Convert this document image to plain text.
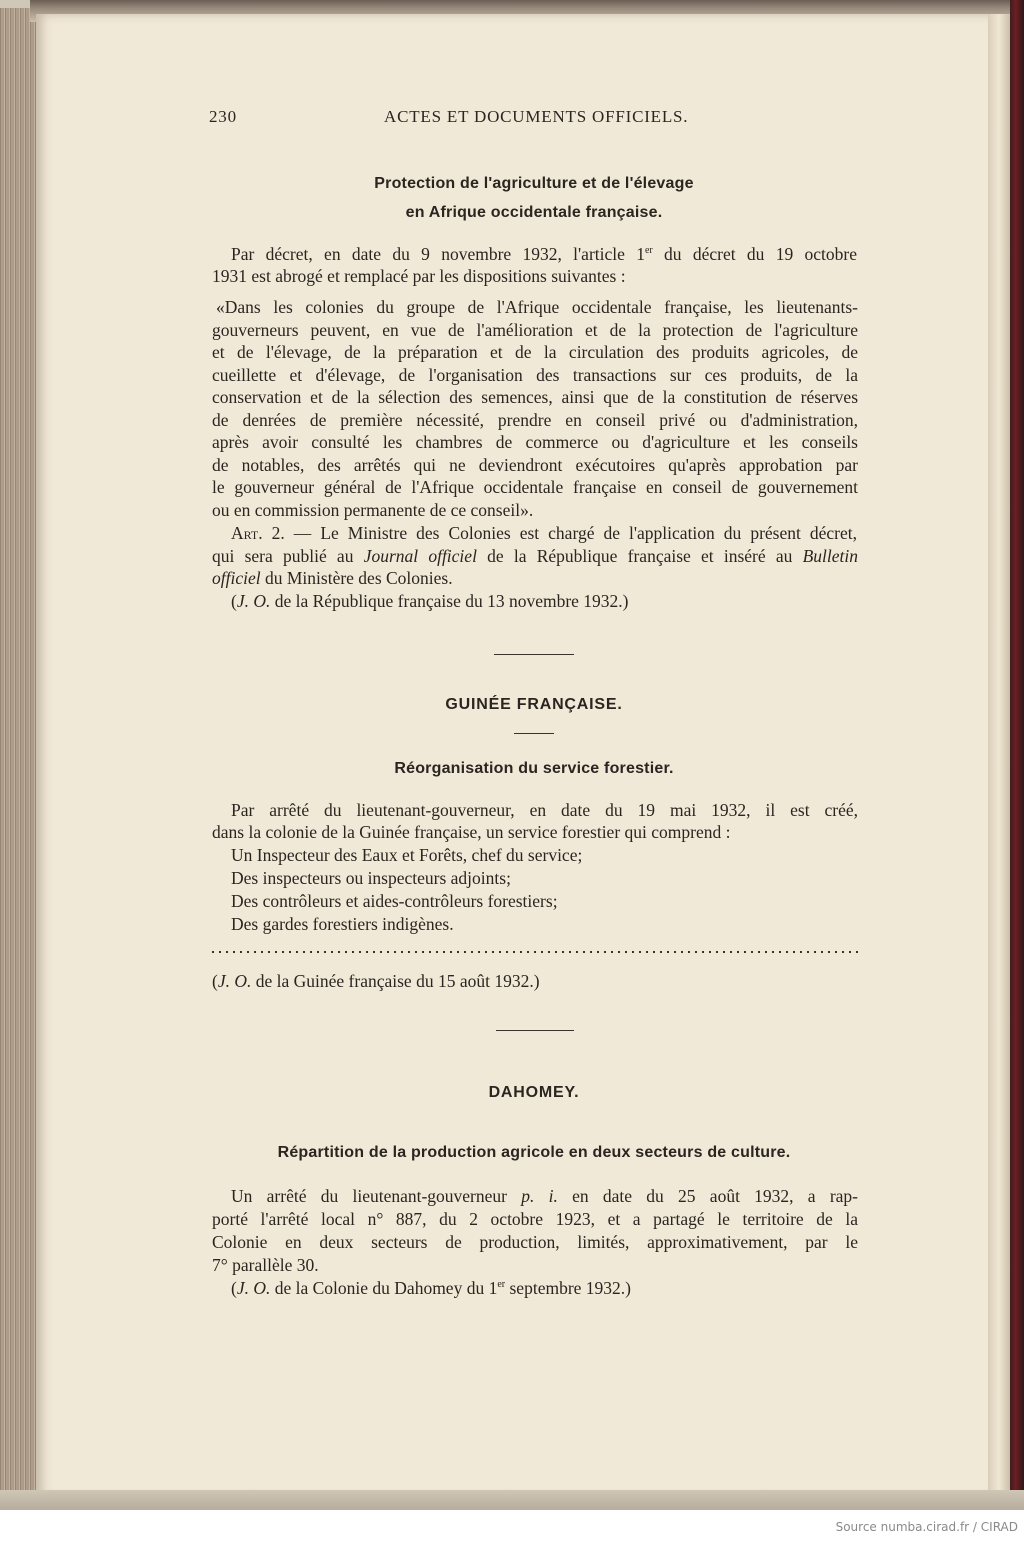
230	ACTES ET DOCUMENTS OFFICIELS.
Protection de l'agriculture et de l'élevage
en Afrique occidentale française.
Par décret, en date du 9 novembre 1932, l'article 1er du décret du 19 octobre
1931 est abrogé et remplacé par les dispositions suivantes :
«Dans les colonies du groupe de l'Afrique occidentale française, les lieutenants-
gouverneurs peuvent, en vue de l'amélioration et de la protection de l'agriculture
et de l'élevage, de la préparation et de la circulation des produits agricoles, de
cueillette et d'élevage, de l'organisation des transactions sur ces produits, de la
conservation et de la sélection des semences, ainsi que de la constitution de réserves
de denrées de première nécessité, prendre en conseil privé ou d'administration,
après avoir consulté les chambres de commerce ou d'agriculture et les conseils
de notables, des arrêtés qui ne deviendront exécutoires qu'après approbation par
le gouverneur général de l'Afrique occidentale française en conseil de gouvernement
ou en commission permanente de ce conseil».
Art. 2. — Le Ministre des Colonies est chargé de l'application du présent décret,
qui sera publié au Journal officiel de la République française et inséré au Bulletin
officiel du Ministère des Colonies.
(J. O. de la République française du 13 novembre 1932.)
GUINÉE FRANÇAISE.
Réorganisation du service forestier.
Par arrêté du lieutenant-gouverneur, en date du 19 mai 1932, il est créé,
dans la colonie de la Guinée française, un service forestier qui comprend :
Un Inspecteur des Eaux et Forêts, chef du service;
Des inspecteurs ou inspecteurs adjoints;
Des contrôleurs et aides-contrôleurs forestiers;
Des gardes forestiers indigènes.
(J. O. de la Guinée française du 15 août 1932.)
DAHOMEY.
Répartition de la production agricole en deux secteurs de culture.
Un arrêté du lieutenant-gouverneur p. i. en date du 25 août 1932, a rap-
porté l'arrêté local n° 887, du 2 octobre 1923, et a partagé le territoire de la
Colonie en deux secteurs de production, limités, approximativement, par le
7° parallèle 30.
(J. O. de la Colonie du Dahomey du 1er septembre 1932.)
Source numba.cirad.fr / CIRAD
